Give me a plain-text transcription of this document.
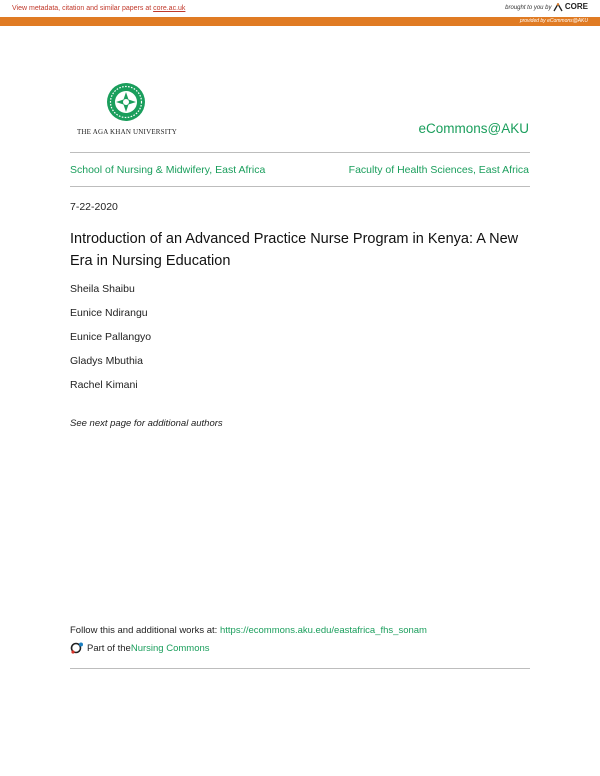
View metadata, citation and similar papers at core.ac.uk	brought to you by CORE
provided by eCommons@AKU
THE AGA KHAN UNIVERSITY	eCommons@AKU
School of Nursing & Midwifery, East Africa	Faculty of Health Sciences, East Africa
7-22-2020
Introduction of an Advanced Practice Nurse Program in Kenya: A New Era in Nursing Education
Sheila Shaibu
Eunice Ndirangu
Eunice Pallangyo
Gladys Mbuthia
Rachel Kimani
See next page for additional authors
Follow this and additional works at: https://ecommons.aku.edu/eastafrica_fhs_sonam
Part of the Nursing Commons
